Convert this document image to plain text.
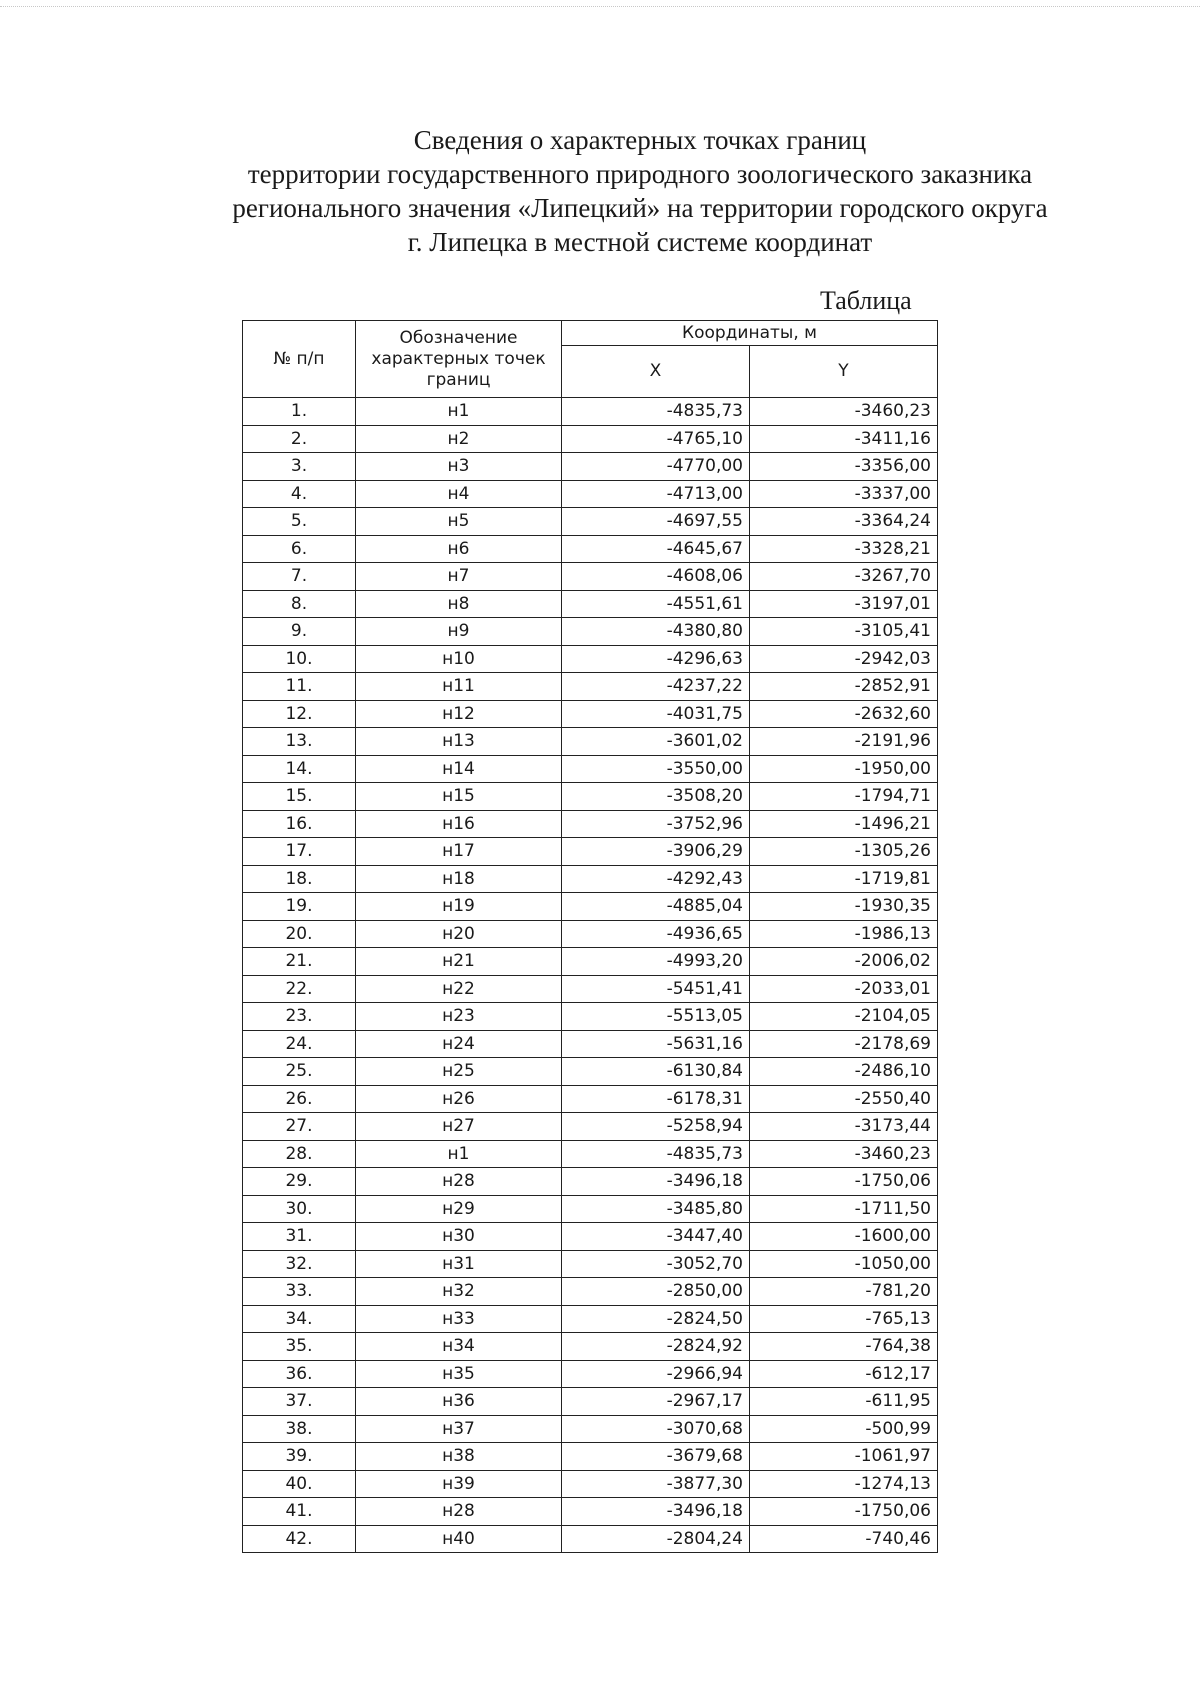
Сведения о характерных точках границ
территории государственного природного зоологического заказника
регионального значения «Липецкий» на территории городского округа
г. Липецка в местной системе координат
Таблица
№ п/п	Обозначение характерных точек границ	Координаты, м	
		X	Y
1.	н1	-4835,73	-3460,23
2.	н2	-4765,10	-3411,16
3.	н3	-4770,00	-3356,00
4.	н4	-4713,00	-3337,00
5.	н5	-4697,55	-3364,24
6.	н6	-4645,67	-3328,21
7.	н7	-4608,06	-3267,70
8.	н8	-4551,61	-3197,01
9.	н9	-4380,80	-3105,41
10.	н10	-4296,63	-2942,03
11.	н11	-4237,22	-2852,91
12.	н12	-4031,75	-2632,60
13.	н13	-3601,02	-2191,96
14.	н14	-3550,00	-1950,00
15.	н15	-3508,20	-1794,71
16.	н16	-3752,96	-1496,21
17.	н17	-3906,29	-1305,26
18.	н18	-4292,43	-1719,81
19.	н19	-4885,04	-1930,35
20.	н20	-4936,65	-1986,13
21.	н21	-4993,20	-2006,02
22.	н22	-5451,41	-2033,01
23.	н23	-5513,05	-2104,05
24.	н24	-5631,16	-2178,69
25.	н25	-6130,84	-2486,10
26.	н26	-6178,31	-2550,40
27.	н27	-5258,94	-3173,44
28.	н1	-4835,73	-3460,23
29.	н28	-3496,18	-1750,06
30.	н29	-3485,80	-1711,50
31.	н30	-3447,40	-1600,00
32.	н31	-3052,70	-1050,00
33.	н32	-2850,00	-781,20
34.	н33	-2824,50	-765,13
35.	н34	-2824,92	-764,38
36.	н35	-2966,94	-612,17
37.	н36	-2967,17	-611,95
38.	н37	-3070,68	-500,99
39.	н38	-3679,68	-1061,97
40.	н39	-3877,30	-1274,13
41.	н28	-3496,18	-1750,06
42.	н40	-2804,24	-740,46
